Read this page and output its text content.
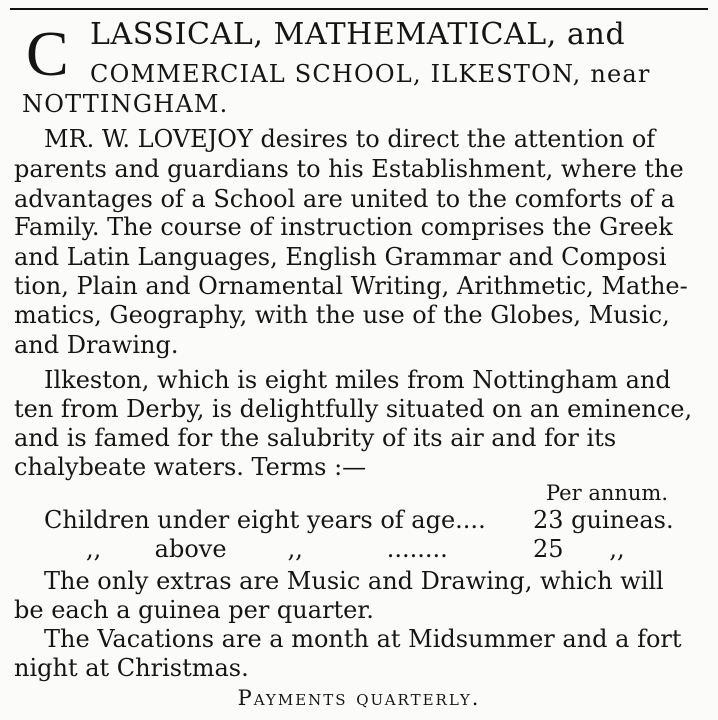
C LASSICAL, MATHEMATICAL, and
COMMERCIAL SCHOOL, ILKESTON, near
NOTTINGHAM.
MR. W. LOVEJOY desires to direct the attention of
parents and guardians to his Establishment, where the
advantages of a School are united to the comforts of a
Family. The course of instruction comprises the Greek
and Latin Languages, English Grammar and Composi
tion, Plain and Ornamental Writing, Arithmetic, Mathe-
matics, Geography, with the use of the Globes, Music,
and Drawing.
Ilkeston, which is eight miles from Nottingham and
ten from Derby, is delightfully situated on an eminence,
and is famed for the salubrity of its air and for its
chalybeate waters. Terms :—
Per annum.
Children under eight years of age.... 23 guineas.
,,       above        ,,           ........	25      ,,
The only extras are Music and Drawing, which will
be each a guinea per quarter.
The Vacations are a month at Midsummer and a fort
night at Christmas.
Payments quarterly.
